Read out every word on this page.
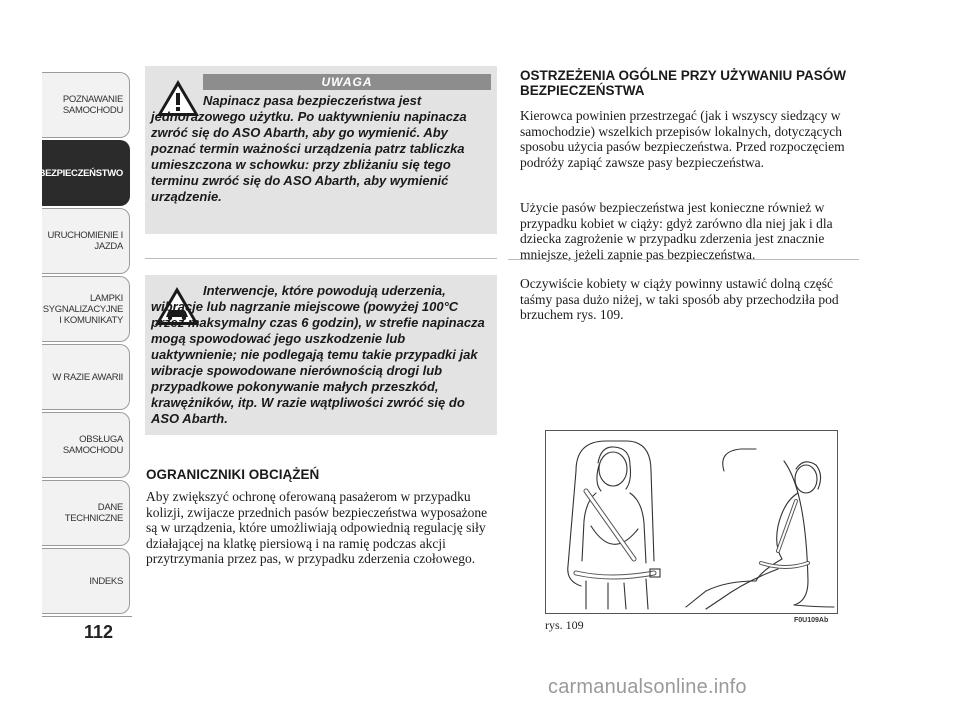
POZNAWANIE SAMOCHODU
BEZPIECZEŃSTWO
URUCHOMIENIE I JAZDA
LAMPKI SYGNALIZACYJNE I KOMUNIKATY
W RAZIE AWARII
OBSŁUGA SAMOCHODU
DANE TECHNICZNE
INDEKS
112
UWAGA
Napinacz pasa bezpieczeństwa jest jednorazowego użytku. Po uaktywnieniu napinacza zwróć się do ASO Abarth, aby go wymienić. Aby poznać termin ważności urządzenia patrz tabliczka umieszczona w schowku: przy zbliżaniu się tego terminu zwróć się do ASO Abarth, aby wymienić urządzenie.
Interwencje, które powodują uderzenia, wibracje lub nagrzanie miejscowe (powyżej 100°C przez maksymalny czas 6 godzin), w strefie napinacza mogą spowodować jego uszkodzenie lub uaktywnienie; nie podlegają temu takie przypadki jak wibracje spowodowane nierównością drogi lub przypadkowe pokonywanie małych przeszkód, krawężników, itp. W razie wątpliwości zwróć się do ASO Abarth.
OGRANICZNIKI OBCIĄŻEŃ

Aby zwiększyć ochronę oferowaną pasażerom w przypadku kolizji, zwijacze przednich pasów bezpieczeństwa wyposażone są w urządzenia, które umożliwiają odpowiednią regulację siły działającej na klatkę piersiową i na ramię podczas akcji przytrzymania przez pas, w przypadku zderzenia czołowego.

OSTRZEŻENIA OGÓLNE PRZY UŻYWANIU PASÓW BEZPIECZEŃSTWA

Kierowca powinien przestrzegać (jak i wszyscy siedzący w samochodzie) wszelkich przepisów lokalnych, dotyczących sposobu użycia pasów bezpieczeństwa. Przed rozpoczęciem podróży zapiąć zawsze pasy bezpieczeństwa.

Użycie pasów bezpieczeństwa jest konieczne również w przypadku kobiet w ciąży: gdyż zarówno dla niej jak i dla dziecka zagrożenie w przypadku zderzenia jest znacznie mniejsze, jeżeli zapnie pas bezpieczeństwa.

Oczywiście kobiety w ciąży powinny ustawić dolną część taśmy pasa dużo niżej, w taki sposób aby przechodziła pod brzuchem rys. 109.

rys. 109	F0U109Ab
carmanualsonline.info
